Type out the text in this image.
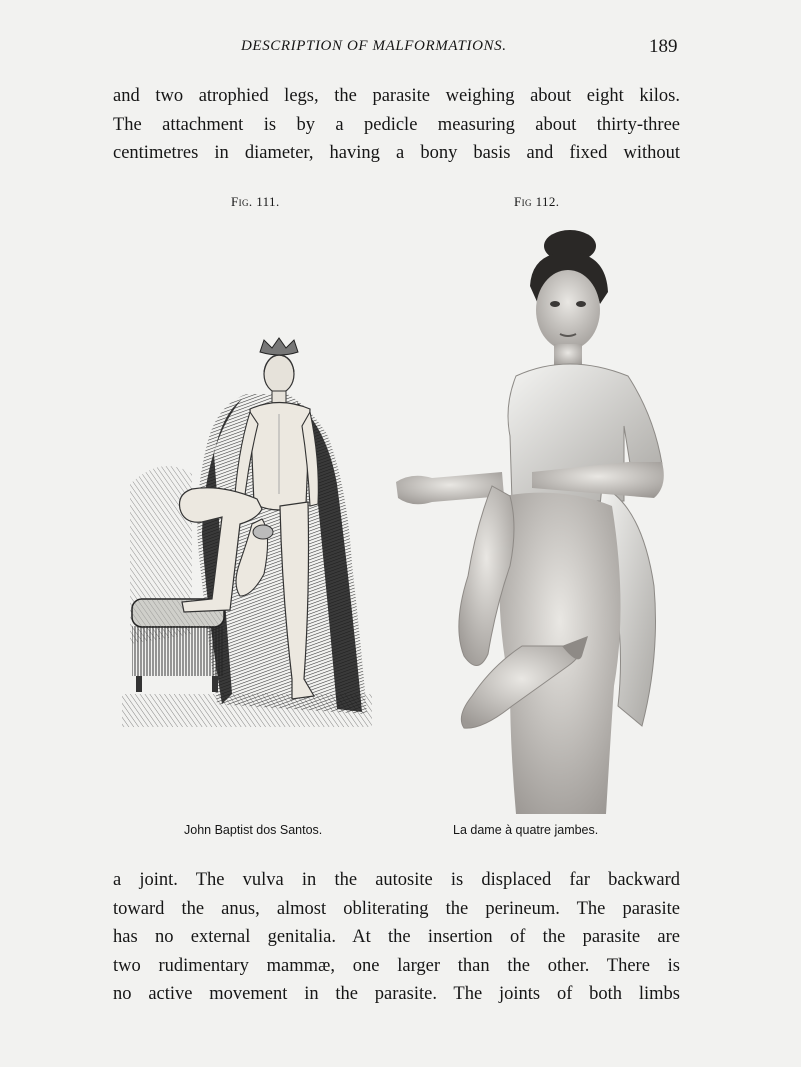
DESCRIPTION OF MALFORMATIONS.	189
and two atrophied legs, the parasite weighing about eight kilos.
The attachment is by a pedicle measuring about thirty-three
centimetres in diameter, having a bony basis and fixed without
Fig. 111.	Fig 112.
John Baptist dos Santos.	La dame à quatre jambes.
a joint. The vulva in the autosite is displaced far backward
toward the anus, almost obliterating the perineum. The parasite
has no external genitalia. At the insertion of the parasite are
two rudimentary mammæ, one larger than the other. There is
no active movement in the parasite. The joints of both limbs
